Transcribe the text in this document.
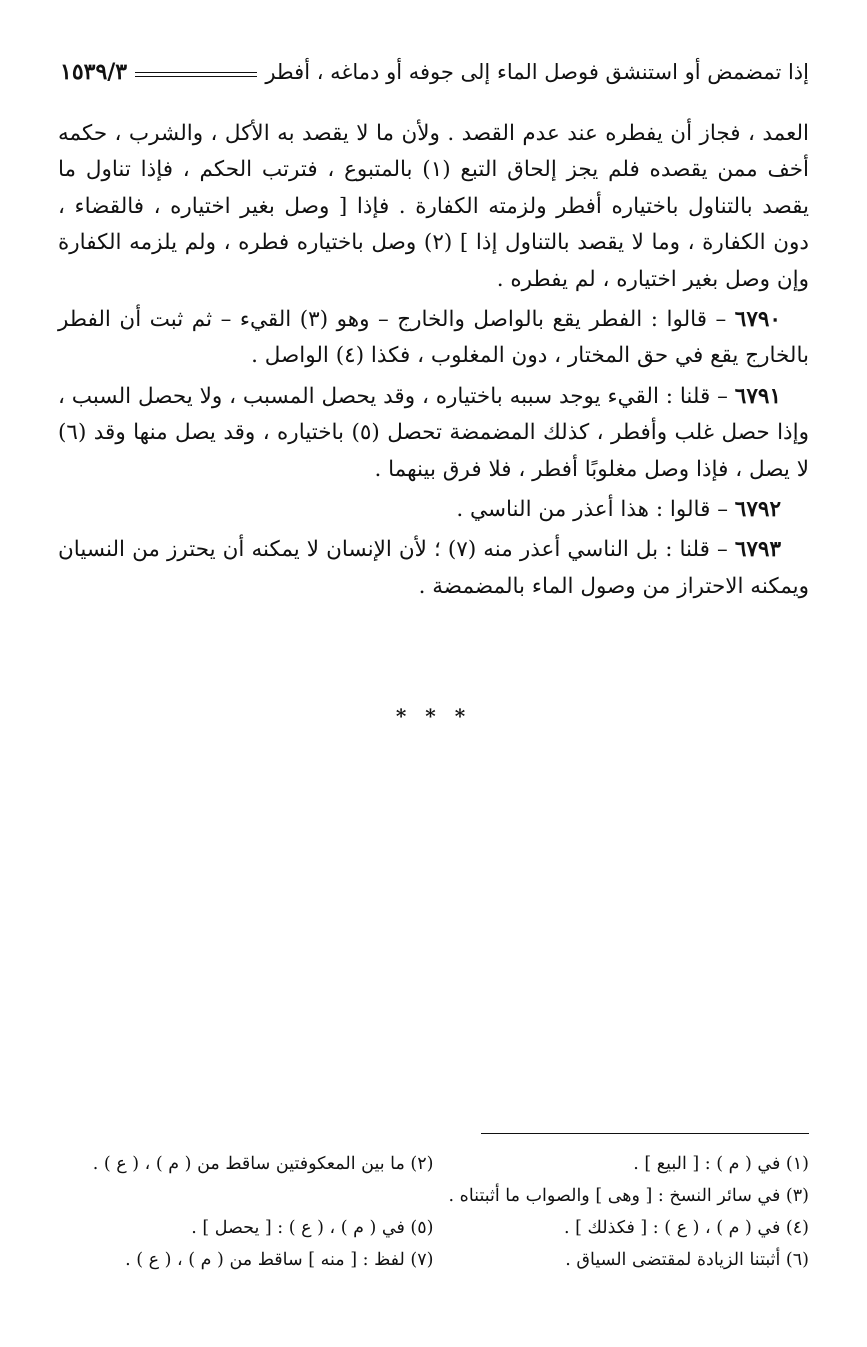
إذا تمضمض أو استنشق فوصل الماء إلى جوفه أو دماغه ، أفطر
١٥٣٩/٣

العمد ، فجاز أن يفطره عند عدم القصد . ولأن ما لا يقصد به الأكل ، والشرب ، حكمه أخف ممن يقصده فلم يجز إلحاق التبع (١) بالمتبوع ، فترتب الحكم ، فإذا تناول ما يقصد بالتناول باختياره أفطر ولزمته الكفارة . فإذا [ وصل بغير اختياره ، فالقضاء ، دون الكفارة ، وما لا يقصد بالتناول إذا ] (٢) وصل باختياره فطره ، ولم يلزمه الكفارة وإن وصل بغير اختياره ، لم يفطره .

٦٧٩٠ – قالوا : الفطر يقع بالواصل والخارج – وهو (٣) القيء – ثم ثبت أن الفطر بالخارج يقع في حق المختار ، دون المغلوب ، فكذا (٤) الواصل .

٦٧٩١ – قلنا : القيء يوجد سببه باختياره ، وقد يحصل المسبب ، ولا يحصل السبب ، وإذا حصل غلب وأفطر ، كذلك المضمضة تحصل (٥) باختياره ، وقد يصل منها وقد (٦) لا يصل ، فإذا وصل مغلوبًا أفطر ، فلا فرق بينهما .

٦٧٩٢ – قالوا : هذا أعذر من الناسي .

٦٧٩٣ – قلنا : بل الناسي أعذر منه (٧) ؛ لأن الإنسان لا يمكنه أن يحترز من النسيان ويمكنه الاحتراز من وصول الماء بالمضمضة .

* * *
(١) في ( م ) : [ البيع ] .
(٢) ما بين المعكوفتين ساقط من ( م ) ، ( ع ) .
(٣) في سائر النسخ : [ وهى ] والصواب ما أثبتناه .
(٤) في ( م ) ، ( ع ) : [ فكذلك ] .
(٥) في ( م ) ، ( ع ) : [ يحصل ] .
(٦) أثبتنا الزيادة لمقتضى السياق .
(٧) لفظ : [ منه ] ساقط من ( م ) ، ( ع ) .
